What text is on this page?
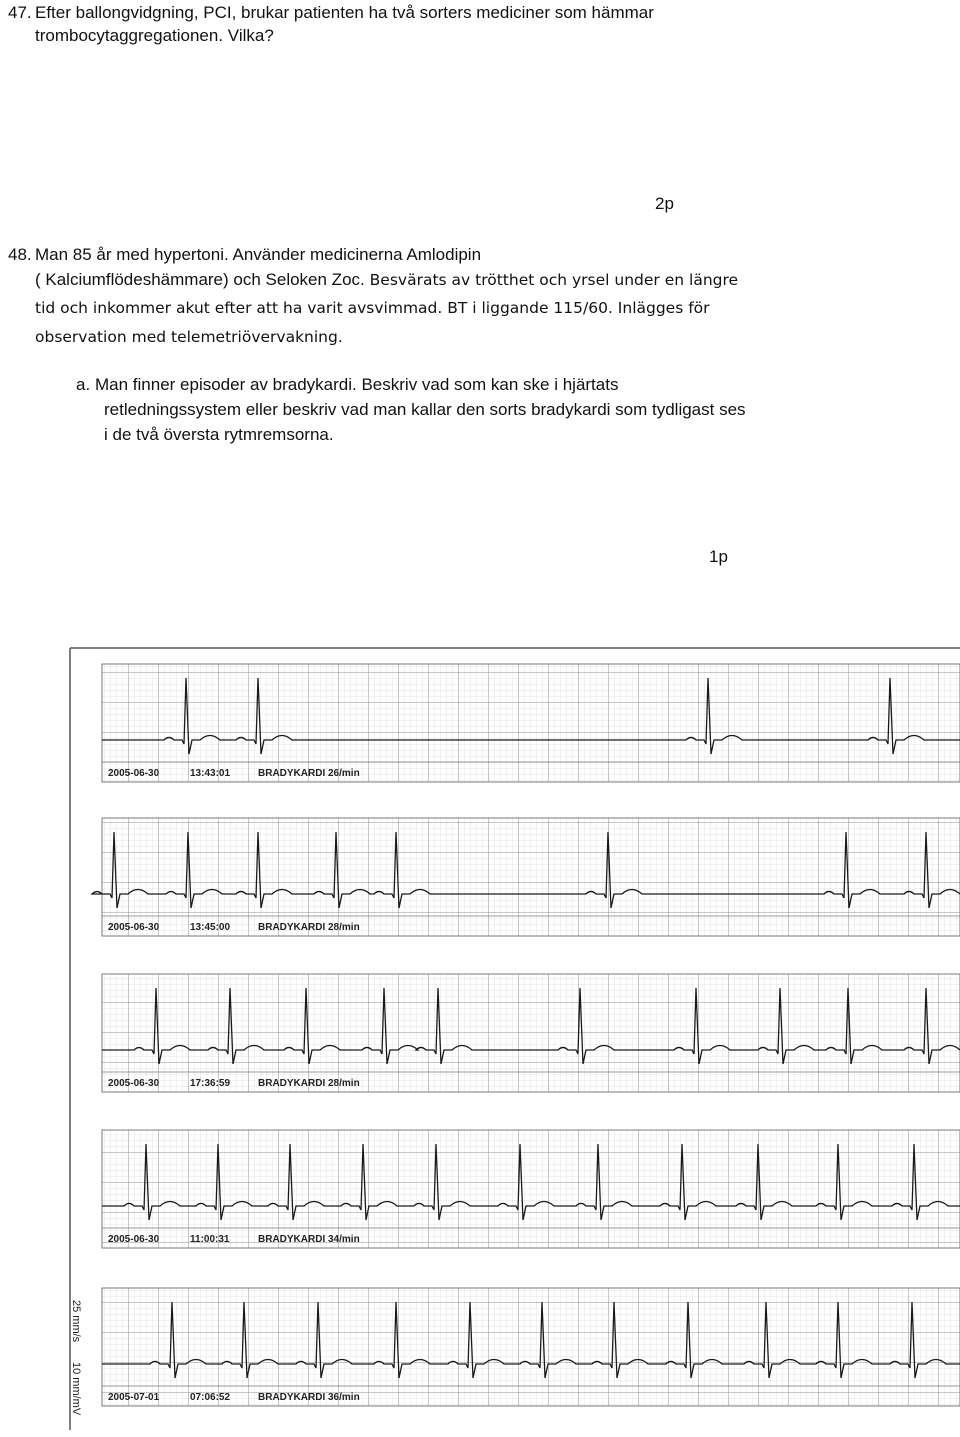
47. Efter ballongvidgning, PCI, brukar patienten ha två sorters mediciner som hämmar
trombocytaggregationen. Vilka?
2p
48. Man 85 år med hypertoni. Använder medicinerna Amlodipin
( Kalciumflödeshämmare) och Seloken Zoc. Besvärats av trötthet och yrsel under en längre
tid och inkommer akut efter att ha varit avsvimmad. BT i liggande 115/60. Inlägges för
observation med telemetriövervakning.
a. Man finner episoder av bradykardi. Beskriv vad som kan ske i hjärtats
retledningssystem eller beskriv vad man kallar den sorts bradykardi som tydligast ses
i de två översta rytmremsorna.
1p
2005-06-30	13:43:01	BRADYKARDI 26/min
2005-06-30	13:45:00	BRADYKARDI 28/min
2005-06-30	17:36:59	BRADYKARDI 28/min
2005-06-30	11:00:31	BRADYKARDI 34/min
2005-07-01	07:06:52	BRADYKARDI 36/min
25 mm/s
10 mm/mV
